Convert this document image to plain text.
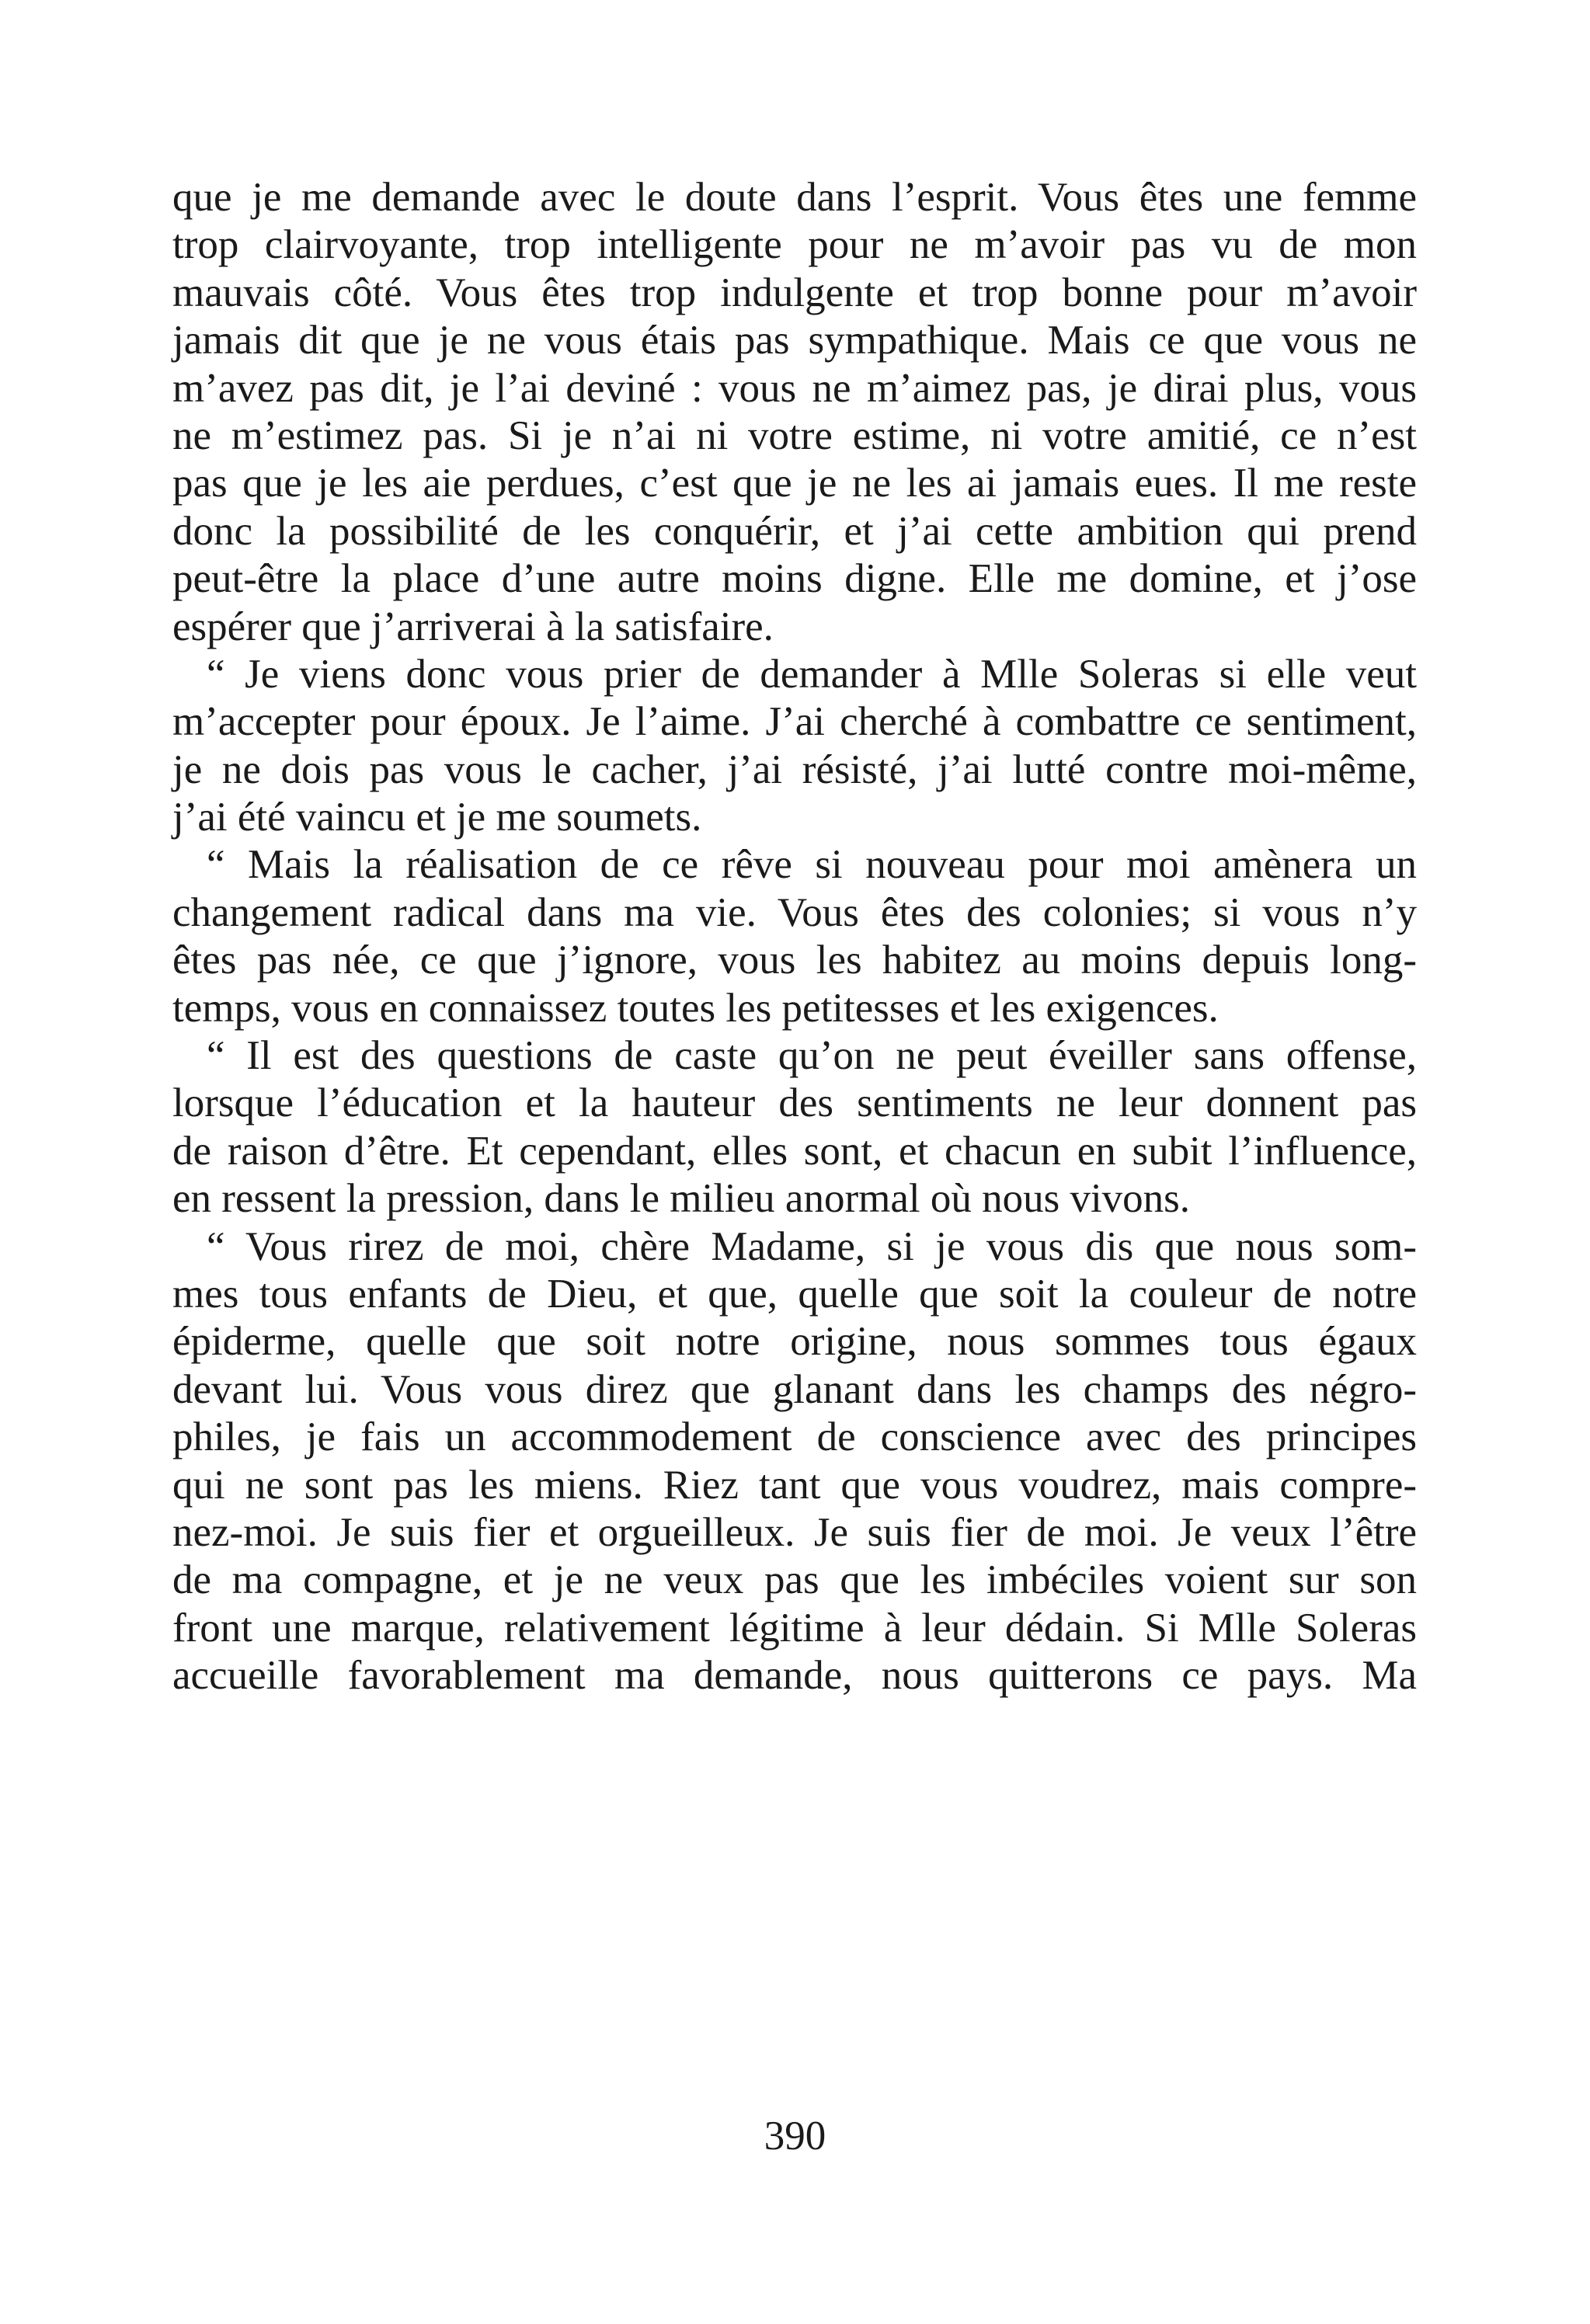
que je me demande avec le doute dans l’esprit. Vous êtes une femme
trop clairvoyante, trop intelligente pour ne m’avoir pas vu de mon
mauvais côté. Vous êtes trop indulgente et trop bonne pour m’avoir
jamais dit que je ne vous étais pas sympathique. Mais ce que vous ne
m’avez pas dit, je l’ai deviné : vous ne m’aimez pas, je dirai plus, vous
ne m’estimez pas. Si je n’ai ni votre estime, ni votre amitié, ce n’est
pas que je les aie perdues, c’est que je ne les ai jamais eues. Il me reste
donc la possibilité de les conquérir, et j’ai cette ambition qui prend
peut-être la place d’une autre moins digne. Elle me domine, et j’ose
espérer que j’arriverai à la satisfaire.
“ Je viens donc vous prier de demander à Mlle Soleras si elle veut
m’accepter pour époux. Je l’aime. J’ai cherché à combattre ce sentiment,
je ne dois pas vous le cacher, j’ai résisté, j’ai lutté contre moi-même,
j’ai été vaincu et je me soumets.
“ Mais la réalisation de ce rêve si nouveau pour moi amènera un
changement radical dans ma vie. Vous êtes des colonies; si vous n’y
êtes pas née, ce que j’ignore, vous les habitez au moins depuis long-
temps, vous en connaissez toutes les petitesses et les exigences.
“ Il est des questions de caste qu’on ne peut éveiller sans offense,
lorsque l’éducation et la hauteur des sentiments ne leur donnent pas
de raison d’être. Et cependant, elles sont, et chacun en subit l’influence,
en ressent la pression, dans le milieu anormal où nous vivons.
“ Vous rirez de moi, chère Madame, si je vous dis que nous som-
mes tous enfants de Dieu, et que, quelle que soit la couleur de notre
épiderme, quelle que soit notre origine, nous sommes tous égaux
devant lui. Vous vous direz que glanant dans les champs des négro-
philes, je fais un accommodement de conscience avec des principes
qui ne sont pas les miens. Riez tant que vous voudrez, mais compre-
nez-moi. Je suis fier et orgueilleux. Je suis fier de moi. Je veux l’être
de ma compagne, et je ne veux pas que les imbéciles voient sur son
front une marque, relativement légitime à leur dédain. Si Mlle Soleras
accueille favorablement ma demande, nous quitterons ce pays. Ma
390
